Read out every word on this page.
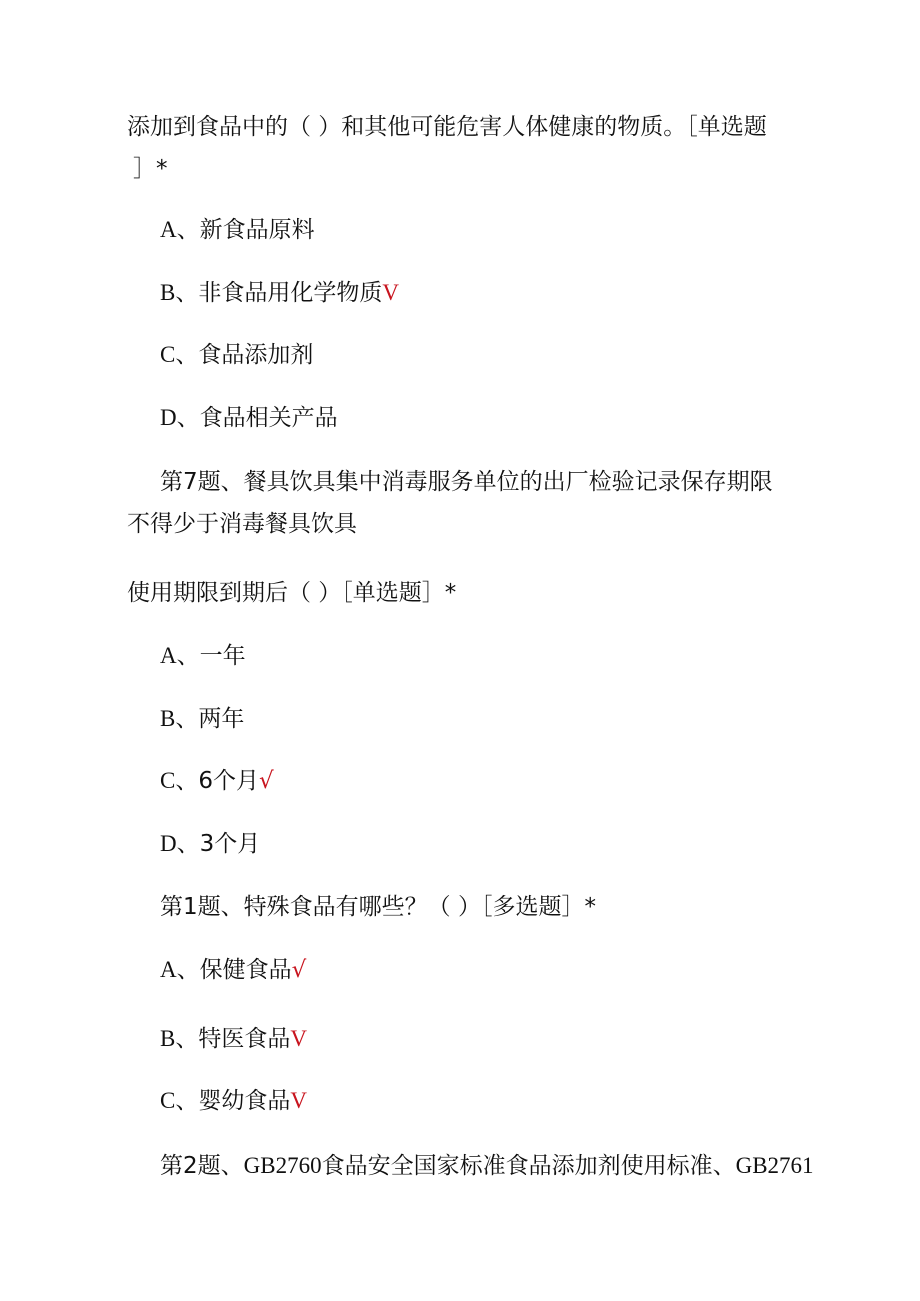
添加到食品中的（ ）和其他可能危害人体健康的物质。［单选题
］*
A、新食品原料
B、非食品用化学物质V
C、食品添加剂
D、食品相关产品
第7题、餐具饮具集中消毒服务单位的出厂检验记录保存期限
不得少于消毒餐具饮具
使用期限到期后（ ）［单选题］*
A、一年
B、两年
C、6个月√
D、3个月
第1题、特殊食品有哪些？（ ）［多选题］*
A、保健食品√
B、特医食品V
C、婴幼食品V
第2题、GB2760食品安全国家标准食品添加剂使用标准、GB2761
